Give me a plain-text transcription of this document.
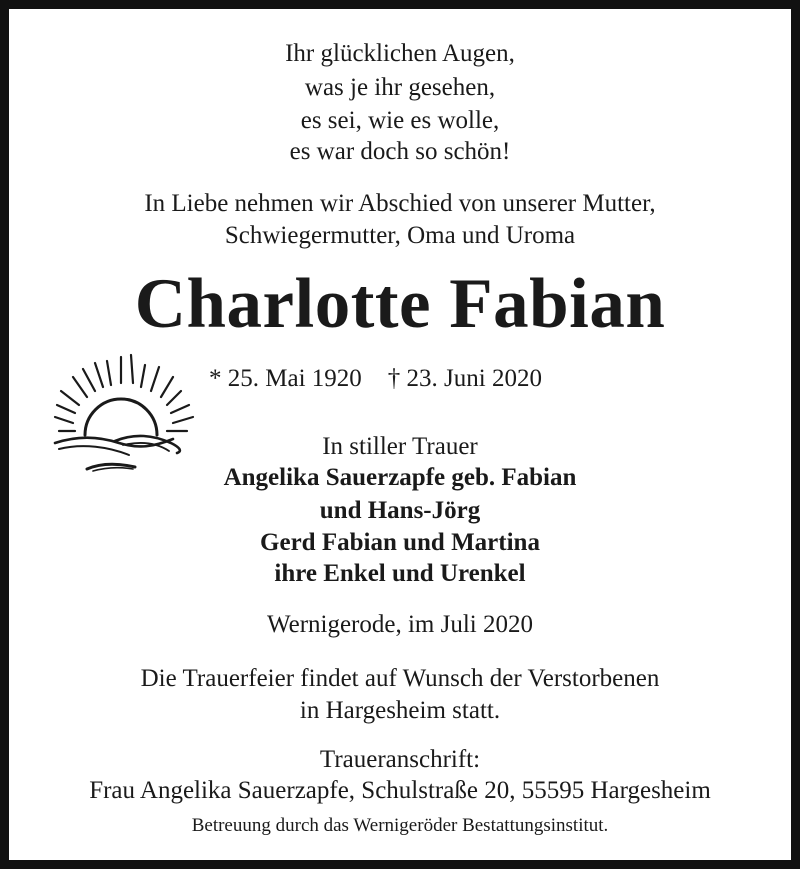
Ihr glücklichen Augen,
was je ihr gesehen,
es sei, wie es wolle,
es war doch so schön!
In Liebe nehmen wir Abschied von unserer Mutter,
Schwiegermutter, Oma und Uroma
Charlotte Fabian
* 25. Mai 1920 † 23. Juni 2020
In stiller Trauer
Angelika Sauerzapfe geb. Fabian
und Hans-Jörg
Gerd Fabian und Martina
ihre Enkel und Urenkel
Wernigerode, im Juli 2020
Die Trauerfeier findet auf Wunsch der Verstorbenen
in Hargesheim statt.
Traueranschrift:
Frau Angelika Sauerzapfe, Schulstraße 20, 55595 Hargesheim
Betreuung durch das Wernigeröder Bestattungsinstitut.
